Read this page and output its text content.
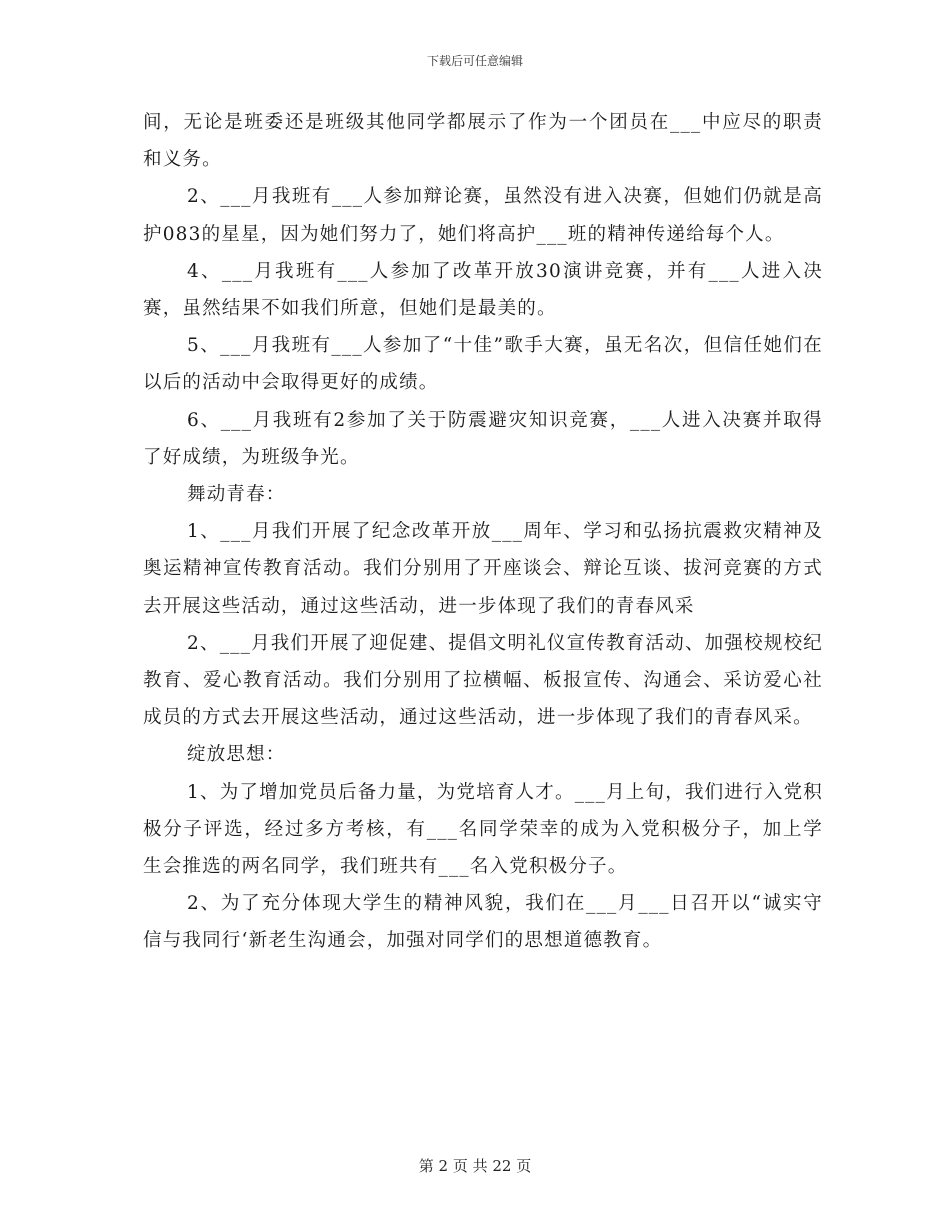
下载后可任意编辑

间，无论是班委还是班级其他同学都展示了作为一个团员在___中应尽的职责和义务。

2、___月我班有___人参加辩论赛，虽然没有进入决赛，但她们仍就是高护083的星星，因为她们努力了，她们将高护___班的精神传递给每个人。

4、___月我班有___人参加了改革开放30演讲竞赛，并有___人进入决赛，虽然结果不如我们所意，但她们是最美的。

5、___月我班有___人参加了“十佳”歌手大赛，虽无名次，但信任她们在以后的活动中会取得更好的成绩。

6、___月我班有2参加了关于防震避灾知识竞赛，___人进入决赛并取得了好成绩，为班级争光。

舞动青春：

1、___月我们开展了纪念改革开放___周年、学习和弘扬抗震救灾精神及奥运精神宣传教育活动。我们分别用了开座谈会、辩论互谈、拔河竞赛的方式去开展这些活动，通过这些活动，进一步体现了我们的青春风采

2、___月我们开展了迎促建、提倡文明礼仪宣传教育活动、加强校规校纪教育、爱心教育活动。我们分别用了拉横幅、板报宣传、沟通会、采访爱心社成员的方式去开展这些活动，通过这些活动，进一步体现了我们的青春风采。

绽放思想：

1、为了增加党员后备力量，为党培育人才。___月上旬，我们进行入党积极分子评选，经过多方考核，有___名同学荣幸的成为入党积极分子，加上学生会推选的两名同学，我们班共有___名入党积极分子。

2、为了充分体现大学生的精神风貌，我们在___月___日召开以“诚实守信与我同行‘新老生沟通会，加强对同学们的思想道德教育。

第 2 页 共 22 页
